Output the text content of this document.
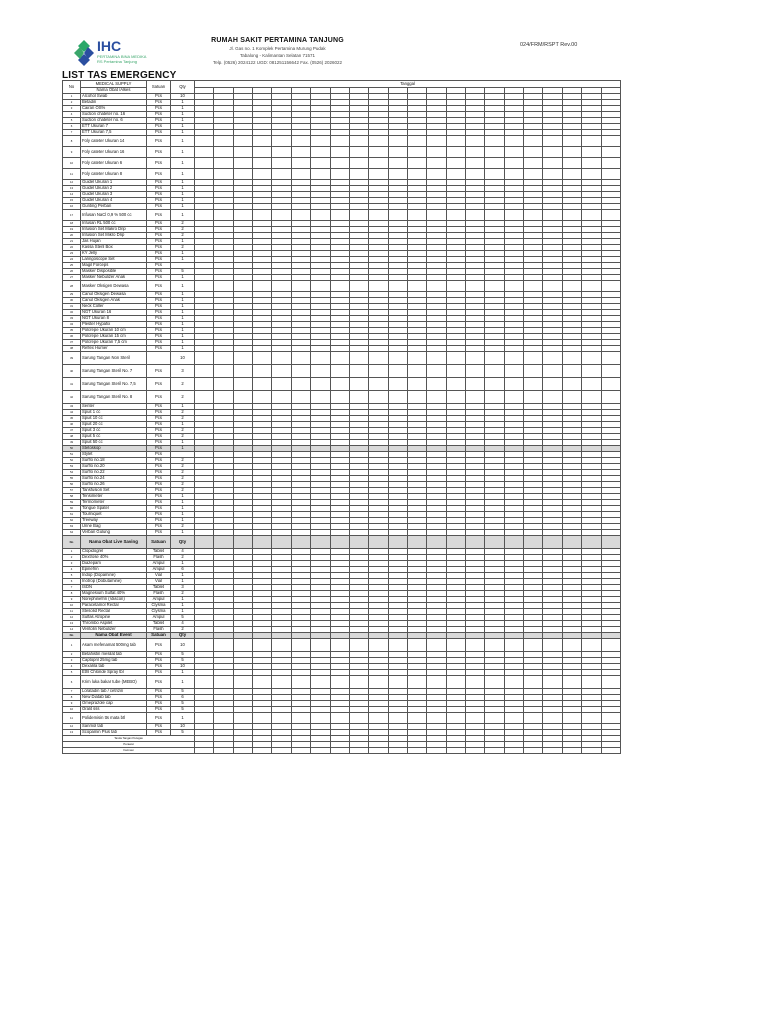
IHC
PERTAMINA BINA MEDIKA
RS Pertamina Tanjung
RUMAH SAKIT PERTAMINA TANJUNG
Jl. Gas no. 1 Komplek Pertamina Murung Pudak
Tabalong - Kalimantan Selatan 71571
Telp. (0526) 2024122 UGD: 081251156642 Fax. (0526) 2026022
024/FRM/RSPT Rev.00
LIST TAS EMERGENCY
No	MEDICAL SUPPLY	Satuan	Qty	Tanggal																					
	Nama Obat /Alkes																								
1	Alcohol Swab	Pcs	10																						
2	Betadin	Pcs	1																						
3	Cairan OS%	Pcs	1																						
4	Suction chateter no. 16	Pcs	1																						
5	Suction chateter no. 6	Pcs	1																						
6	ETT Ukuran 7	Pcs	1																						
7	ETT Ukuran 7,5	Pcs	1																						
8	Foly cateter Ukuran 14	Pcs	1																						
9	Foly cateter Ukuran 16	Pcs	1																						
10	Foly cateter Ukuran 6	Pcs	1																						
11	Foly cateter Ukuran 8	Pcs	1																						
12	Guidel Ukuran 1	Pcs	1																						
13	Guidel Ukuran 2	Pcs	1																						
14	Guidel Ukuran 3	Pcs	1																						
15	Guidel Ukuran 4	Pcs	1																						
16	Gunting Perban	Pcs	1																						
17	Infusan NaCl 0,9 % 500 cc	Pcs	1																						
18	Infusan RL 500 cc	Pcs	2																						
19	Infusion Set Makro Drip	Pcs	2																						
20	Infusion Set Mikro Drip	Pcs	2																						
21	Jas Hujan	Pcs	1																						
22	Kassa Steril Box	Pcs	2																						
23	KY Jelly	Pcs	1																						
24	Laringoscope Set	Pcs	1																						
25	Magil Forceps	Pcs																							
26	Masker Disposible	Pcs	5																						
27	Masker Nebulizer Anak	Pcs	1																						
28	Masker Oksigen Dewasa	Pcs	1																						
29	Canul Oksigen Dewasa	Pcs	1																						
30	Canul Oksigen Anak	Pcs	1																						
31	Neck Coller	Pcs	1																						
32	NGT Ukuran 16	Pcs	1																						
33	NGT Ukuran 8	Pcs	1																						
34	Plester Hypafix	Pcs	1																						
35	Polcrepe Ukuran 10 cm	Pcs	1																						
36	Polcrepe Ukuran 15 cm	Pcs	1																						
37	Polcrepe Ukuran 7,5 cm	Pcs	1																						
38	Reflex Humer	Pcs	1																						
39	Sarung Tangan Non Steril		10																						
40	Sarung Tangan Steril No. 7	Pcs	3																						
41	Sarung Tangan Steril No. 7,5	Pcs	2																						
42	Sarung Tangan Steril No. 8	Pcs	2																						
43	Senter	Pcs	1																						
44	Spuit 1 cc	Pcs	2																						
45	Spuit 10 cc	Pcs	2																						
46	Spuit 20 cc	Pcs	1																						
47	Spuit 3 cc	Pcs	2																						
48	Spuit 5 cc	Pcs	2																						
49	Spuit 50 cc	Pcs	1																						
50	Stetoskop	Pcs	1																						
51	Stylet	Pcs																							
52	Surflo no.18	Pcs	2																						
53	Surflo no.20	Pcs	2																						
54	Surflo no.22	Pcs	2																						
55	Surflo no.24	Pcs	2																						
56	Surflo no.26	Pcs	2																						
57	Tansfusion Set	Pcs	2																						
58	Tensimeter	Pcs	1																						
59	Termometer	Pcs	1																						
60	Tongue Spatel	Pcs	1																						
61	Tourniquet	Pcs	1																						
62	Treeway	Pcs	1																						
63	Urine Bag	Pcs	2																						
64	Verban Gulung	Pcs	1																						
No	Nama Obat Live Saving	Satuan	Qty																						
1	Clopidogrel	Tablet	4																						
2	Dextrose 40%	Flash	2																						
3	Diazepam	Ampul	1																						
4	Epinefrin	Ampul	6																						
5	Indop (Dopamine)	Vial	1																						
6	Inotrop (Dobutamine)	Vial	1																						
7	ISDN	Tablet	3																						
8	Magnesium Sulfat 40%	Flash	2																						
9	Norephinefrin (Vascon)	Ampul	1																						
10	Paracetamol Rectal	Clysma	1																						
11	Stesolid Rectal	Clysma	1																						
12	Sulfas Atropine	Ampul	5																						
13	Thrombo Aspilet	Tablet	4																						
14	Ventolin Nebulizer	Flash	2																						
No	Nama Obat Event	Satuan	Qty																						
1	Asam mefenamat 500mg tab	Pcs	10																						
2	Betahistin mesilat tab	Pcs	5																						
3	Captopril 25mg tab	Pcs	5																						
4	Dexarila tab	Pcs	10																						
5	Ethl Chloride Spray tbl	Pcs	1																						
6	Krim luka bakar tube (MEBO)	Pcs	1																						
7	Loratadin tab / cetrizin	Pcs	5																						
8	New Diatab tab	Pcs	6																						
9	Omeprazole cap	Pcs	5																						
10	Oralit sss	Pcs	5																						
11	Polidemisin tts mata btl	Pcs	1																						
12	Sanmol tab	Pcs	10																						
13	Scopamin Plus tab	Pcs	5																						
Tanda Tangan Petugas																									
Perawat																									
Farmasi																									
